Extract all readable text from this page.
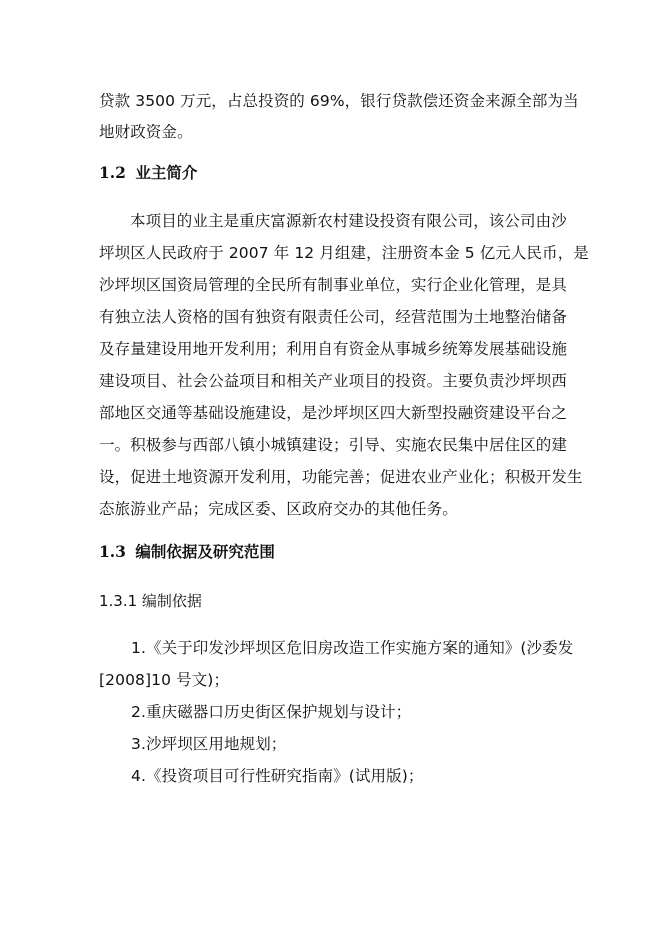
贷款 3500 万元，占总投资的 69%，银行贷款偿还资金来源全部为当
地财政资金。
1.2 业主简介
本项目的业主是重庆富源新农村建设投资有限公司，该公司由沙
坪坝区人民政府于 2007 年 12 月组建，注册资本金 5 亿元人民币，是
沙坪坝区国资局管理的全民所有制事业单位，实行企业化管理，是具
有独立法人资格的国有独资有限责任公司，经营范围为土地整治储备
及存量建设用地开发利用；利用自有资金从事城乡统筹发展基础设施
建设项目、社会公益项目和相关产业项目的投资。主要负责沙坪坝西
部地区交通等基础设施建设，是沙坪坝区四大新型投融资建设平台之
一。积极参与西部八镇小城镇建设；引导、实施农民集中居住区的建
设，促进土地资源开发利用，功能完善；促进农业产业化；积极开发生
态旅游业产品；完成区委、区政府交办的其他任务。
1.3 编制依据及研究范围
1.3.1 编制依据
1.《关于印发沙坪坝区危旧房改造工作实施方案的通知》(沙委发
[2008]10 号文)；
2.重庆磁器口历史街区保护规划与设计；
3.沙坪坝区用地规划；
4.《投资项目可行性研究指南》(试用版)；
